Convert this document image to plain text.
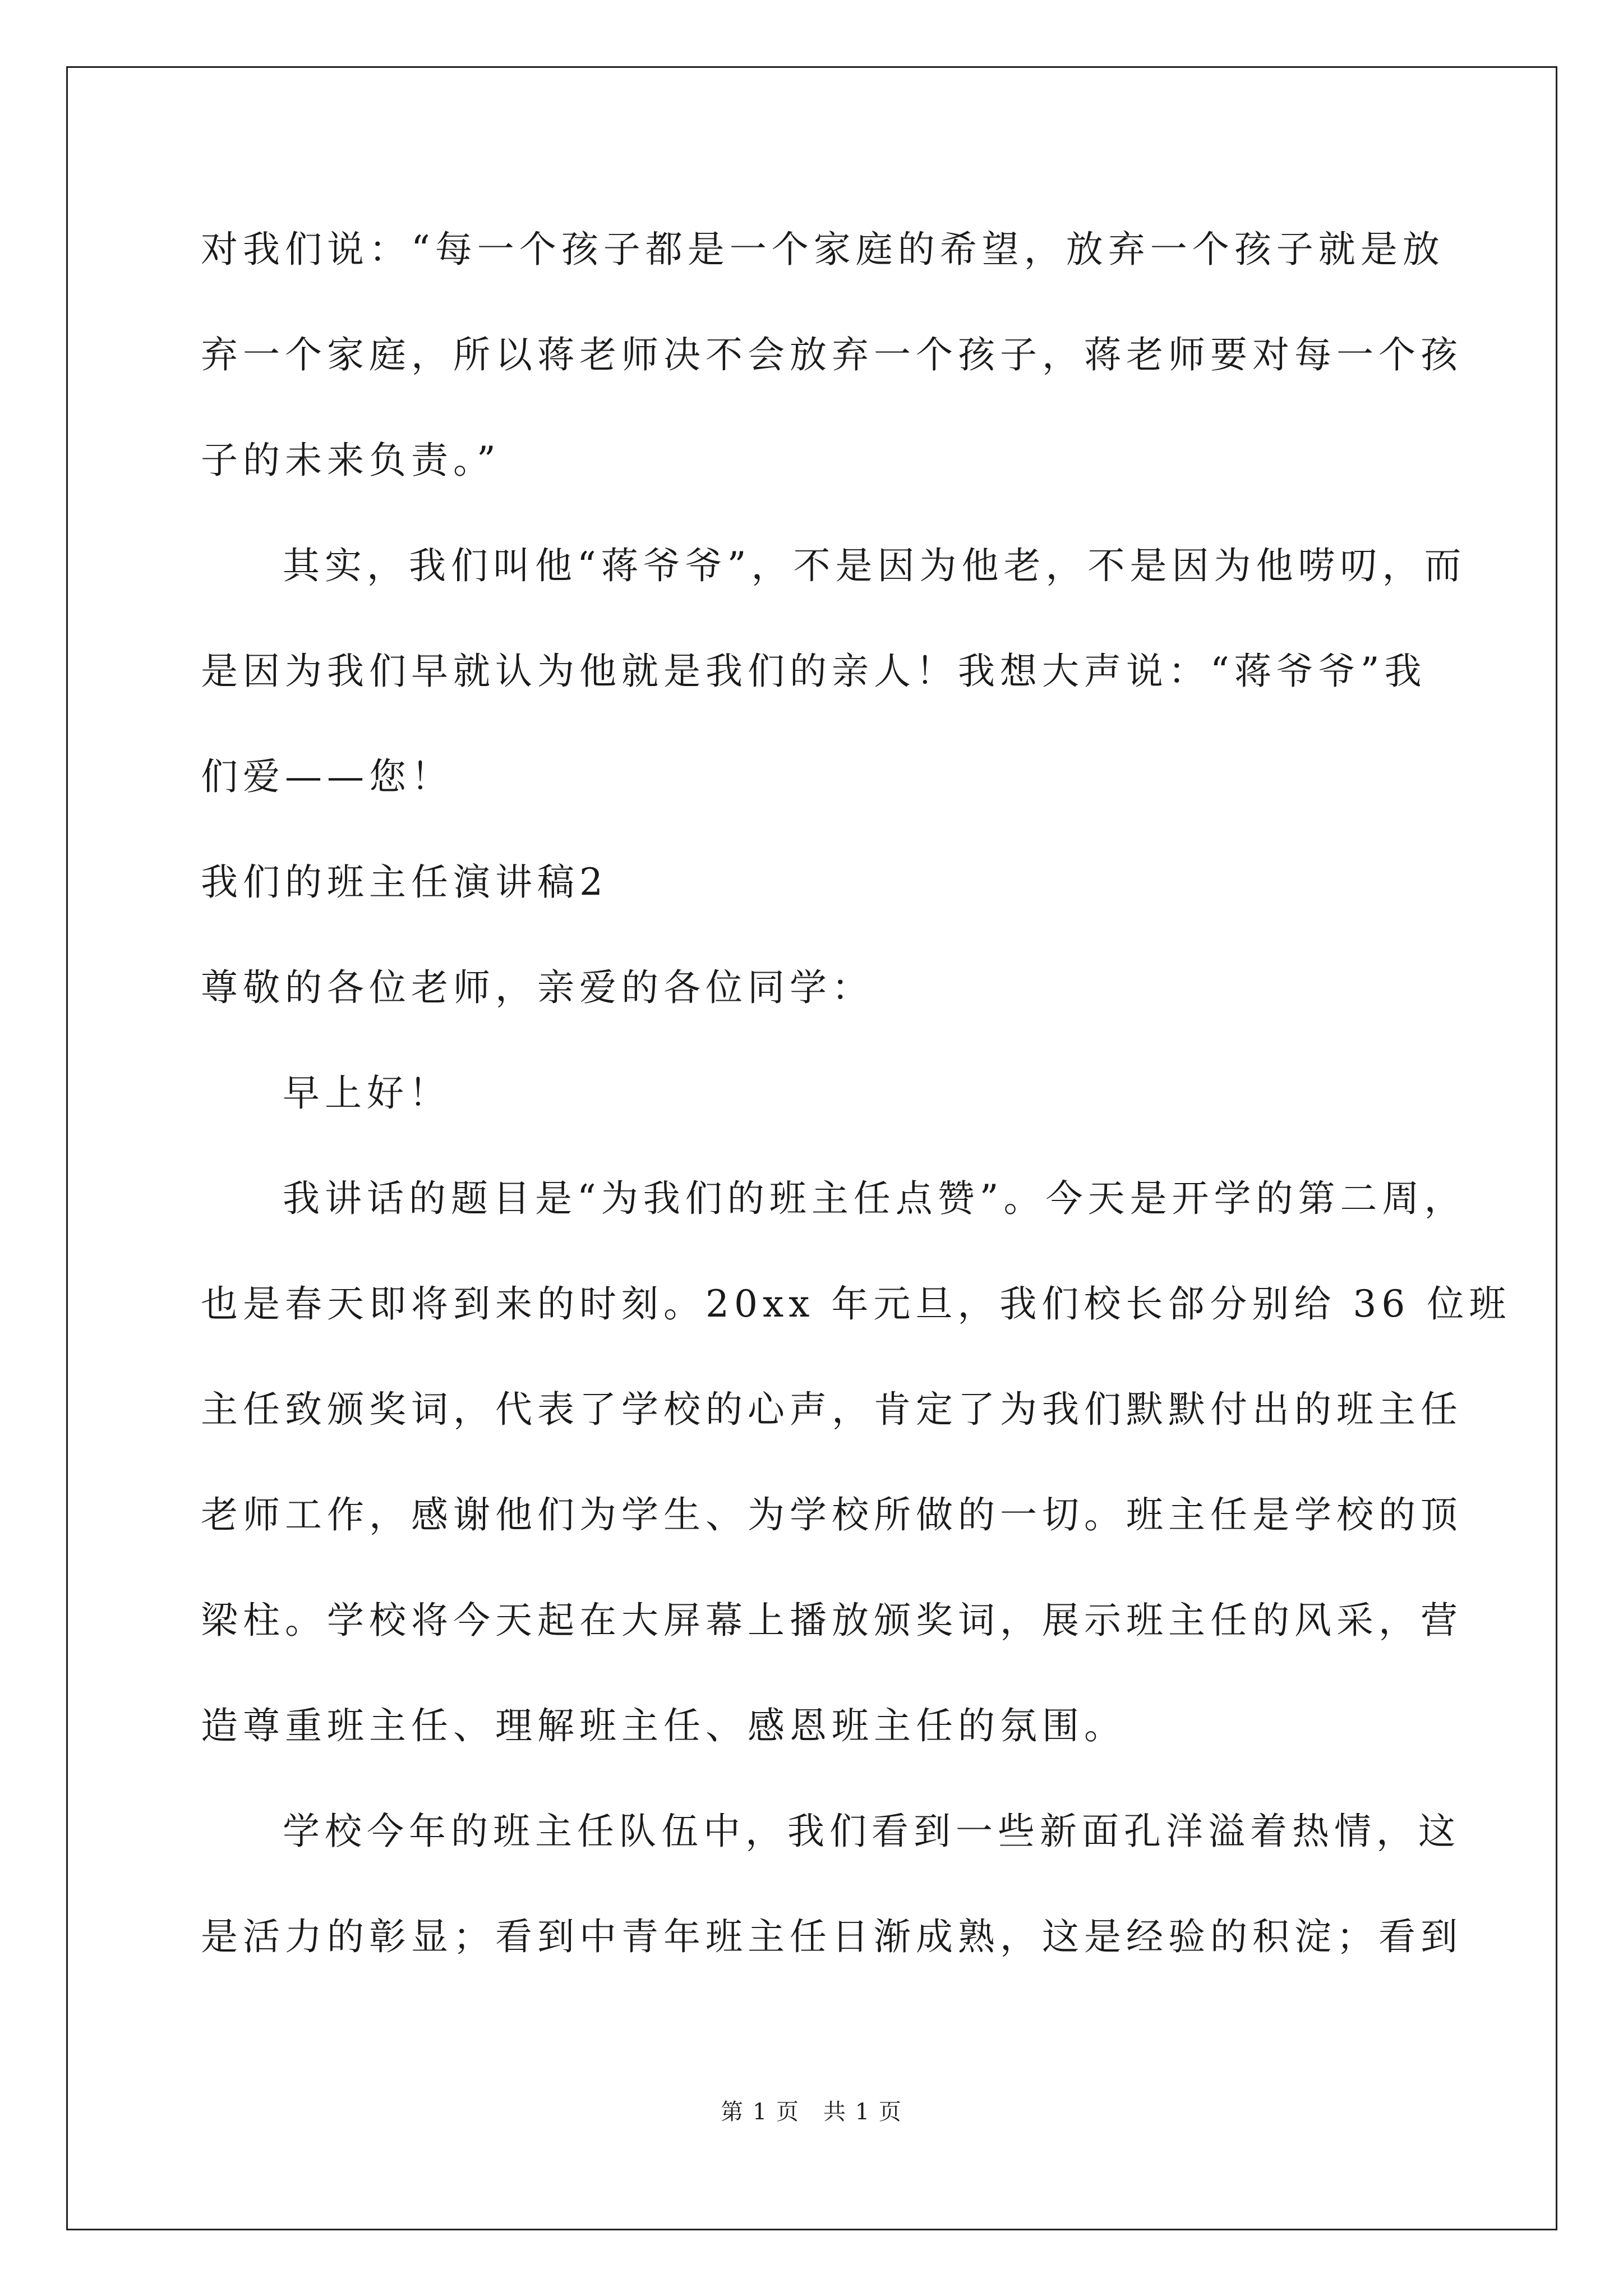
对我们说：“每一个孩子都是一个家庭的希望，放弃一个孩子就是放
弃一个家庭，所以蒋老师决不会放弃一个孩子，蒋老师要对每一个孩
子的未来负责。”
其实，我们叫他“蒋爷爷”，不是因为他老，不是因为他唠叨，而
是因为我们早就认为他就是我们的亲人！我想大声说：“蒋爷爷”我
们爱——您！
我们的班主任演讲稿2
尊敬的各位老师，亲爱的各位同学：
早上好！
我讲话的题目是“为我们的班主任点赞”。今天是开学的第二周，
也是春天即将到来的时刻。20xx 年元旦，我们校长郃分别给 36 位班
主任致颁奖词，代表了学校的心声，肯定了为我们默默付出的班主任
老师工作，感谢他们为学生、为学校所做的一切。班主任是学校的顶
梁柱。学校将今天起在大屏幕上播放颁奖词，展示班主任的风采，营
造尊重班主任、理解班主任、感恩班主任的氛围。
学校今年的班主任队伍中，我们看到一些新面孔洋溢着热情，这
是活力的彰显；看到中青年班主任日渐成熟，这是经验的积淀；看到
第 1 页　共 1 页
